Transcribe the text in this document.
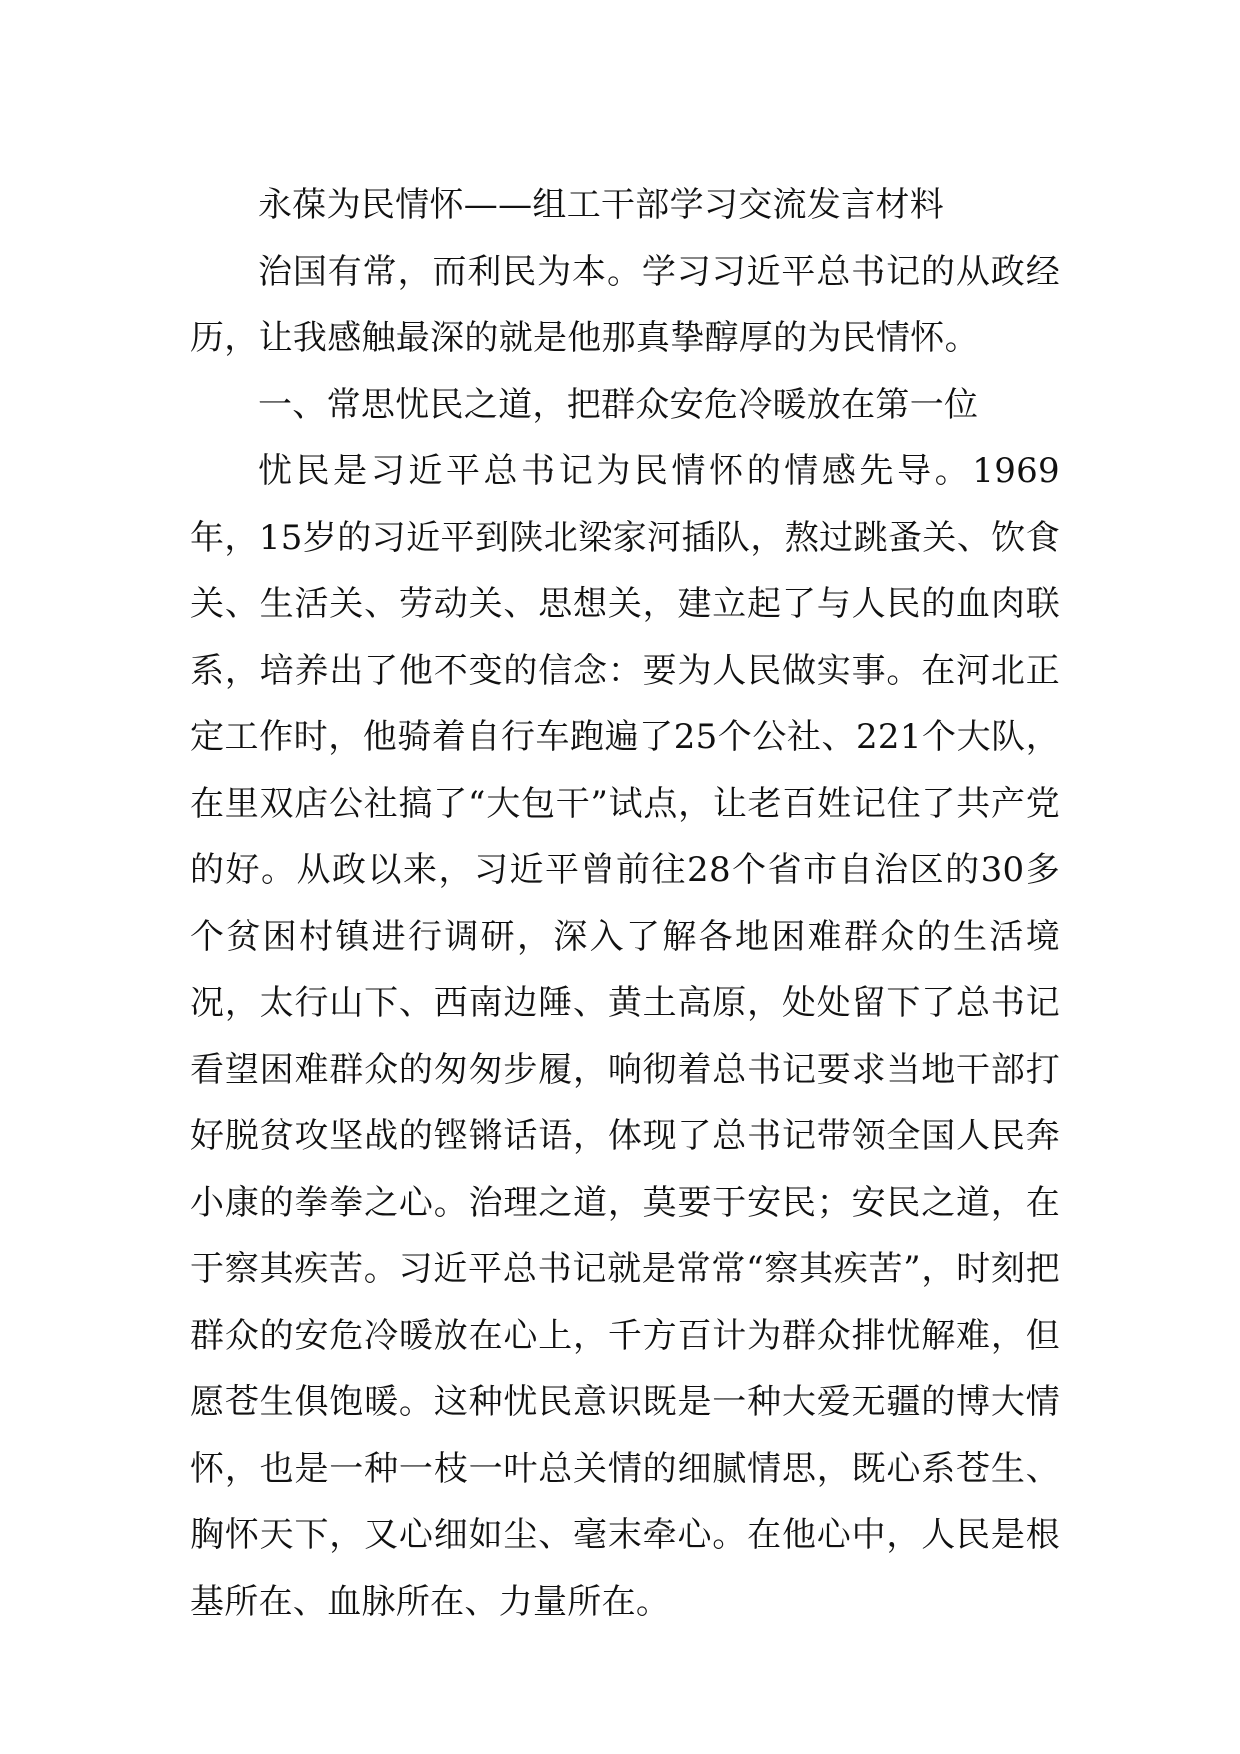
永葆为民情怀——组工干部学习交流发言材料

治国有常，而利民为本。学习习近平总书记的从政经历，让我感触最深的就是他那真挚醇厚的为民情怀。

一、常思忧民之道，把群众安危冷暖放在第一位

忧民是习近平总书记为民情怀的情感先导。1969年，15岁的习近平到陕北梁家河插队，熬过跳蚤关、饮食关、生活关、劳动关、思想关，建立起了与人民的血肉联系，培养出了他不变的信念：要为人民做实事。在河北正定工作时，他骑着自行车跑遍了25个公社、221个大队，在里双店公社搞了“大包干”试点，让老百姓记住了共产党的好。从政以来，习近平曾前往28个省市自治区的30多个贫困村镇进行调研，深入了解各地困难群众的生活境况，太行山下、西南边陲、黄土高原，处处留下了总书记看望困难群众的匆匆步履，响彻着总书记要求当地干部打好脱贫攻坚战的铿锵话语，体现了总书记带领全国人民奔小康的拳拳之心。治理之道，莫要于安民；安民之道，在于察其疾苦。习近平总书记就是常常“察其疾苦”，时刻把群众的安危冷暖放在心上，千方百计为群众排忧解难，但愿苍生俱饱暖。这种忧民意识既是一种大爱无疆的博大情怀，也是一种一枝一叶总关情的细腻情思，既心系苍生、胸怀天下，又心细如尘、毫末牵心。在他心中，人民是根基所在、血脉所在、力量所在。
